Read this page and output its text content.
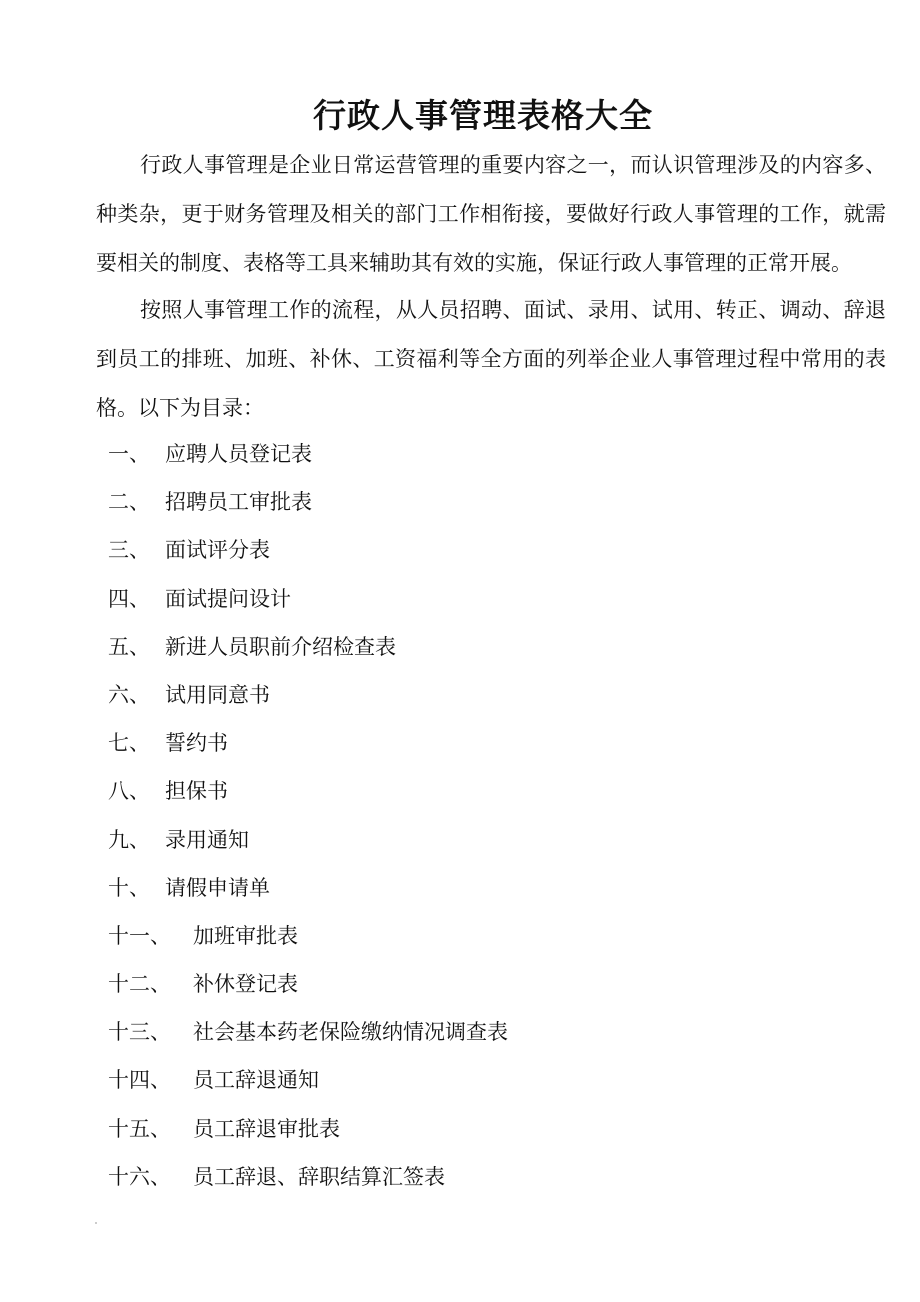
行政人事管理表格大全

行政人事管理是企业日常运营管理的重要内容之一，而认识管理涉及的内容多、种类杂，更于财务管理及相关的部门工作相衔接，要做好行政人事管理的工作，就需要相关的制度、表格等工具来辅助其有效的实施，保证行政人事管理的正常开展。

按照人事管理工作的流程，从人员招聘、面试、录用、试用、转正、调动、辞退到员工的排班、加班、补休、工资福利等全方面的列举企业人事管理过程中常用的表格。以下为目录：

一、 应聘人员登记表
二、 招聘员工审批表
三、 面试评分表
四、 面试提问设计
五、 新进人员职前介绍检查表
六、 试用同意书
七、 誓约书
八、 担保书
九、 录用通知
十、 请假申请单
十一、 加班审批表
十二、 补休登记表
十三、 社会基本药老保险缴纳情况调查表
十四、 员工辞退通知
十五、 员工辞退审批表
十六、 员工辞退、辞职结算汇签表
